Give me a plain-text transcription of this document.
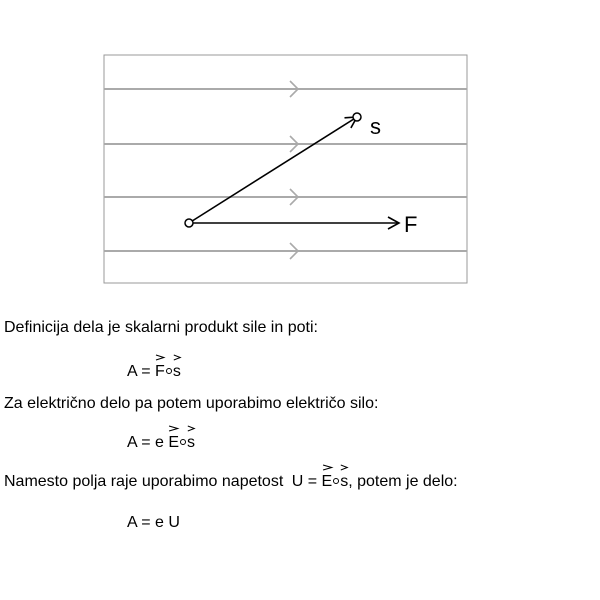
s
F
Definicija dela je skalarni produkt sile in poti:
A = F s
Za električno delo pa potem uporabimo električo silo:
A = e E s
Namesto polja raje uporabimo napetost U = E s, potem je delo:
A = e U
